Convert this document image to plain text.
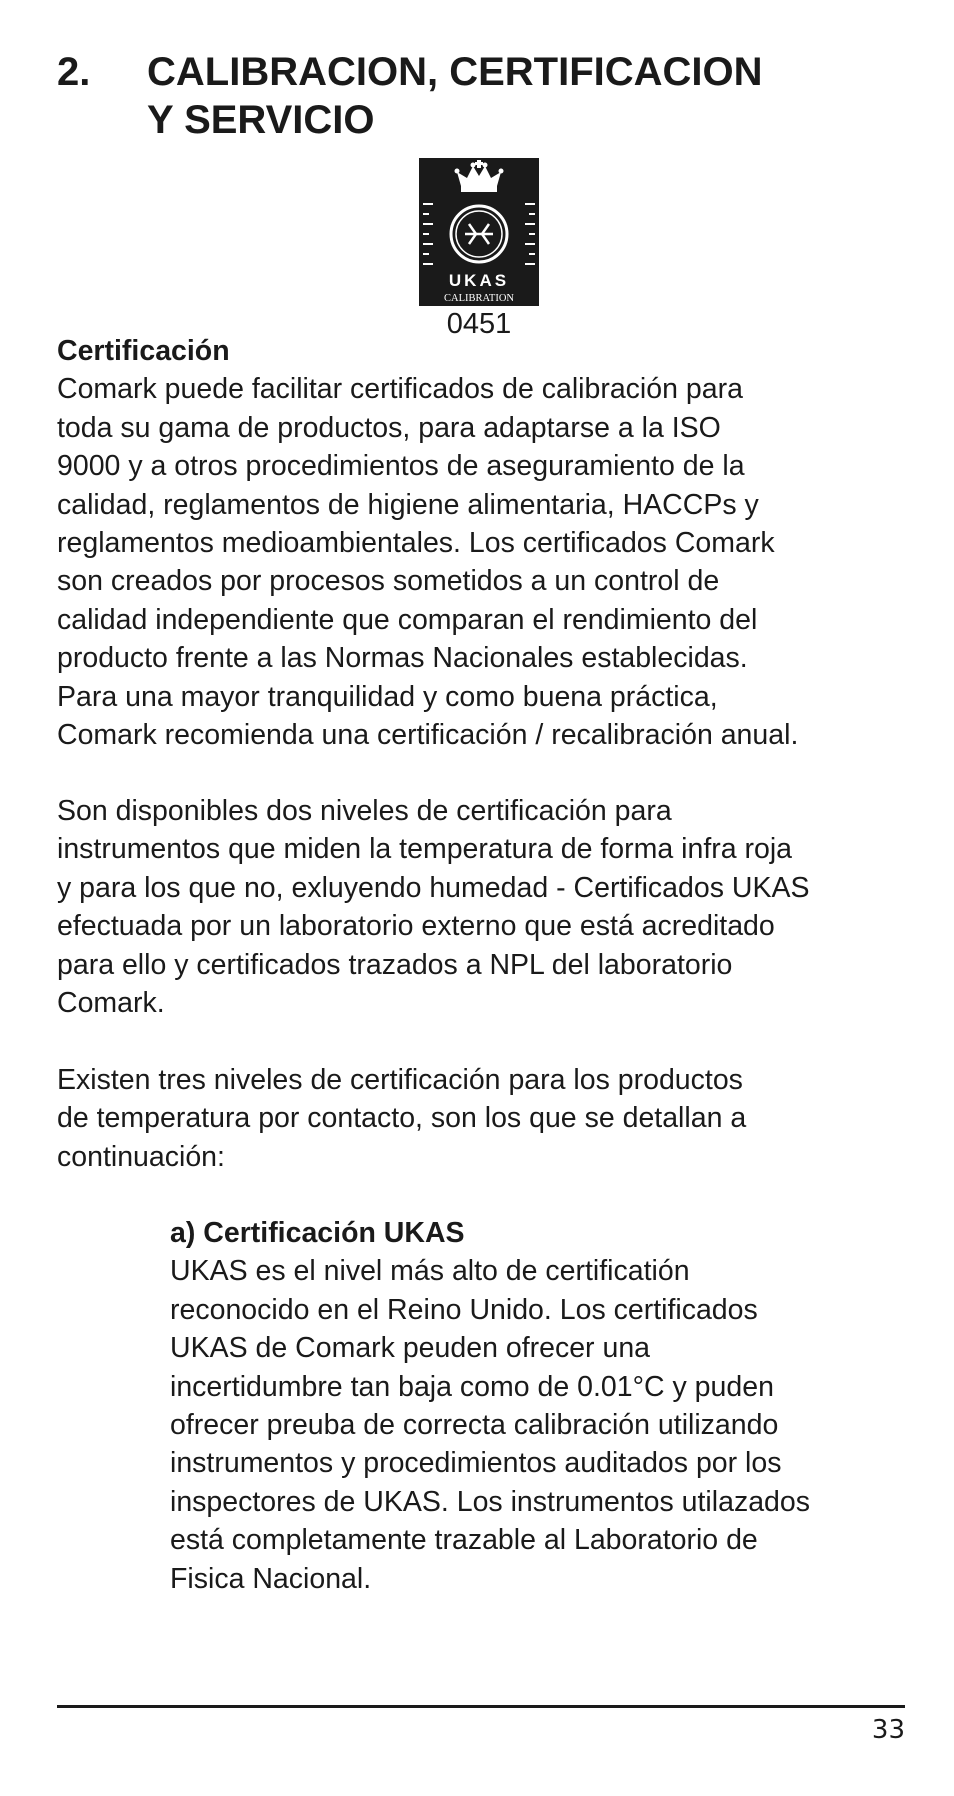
2. CALIBRACION, CERTIFICACION
Y SERVICIO
UKAS
CALIBRATION
0451
Certificación
Comark puede facilitar certificados de calibración para
toda su gama de productos, para adaptarse a la ISO
9000 y a otros procedimientos de aseguramiento de la
calidad, reglamentos de higiene alimentaria, HACCPs y
reglamentos medioambientales. Los certificados Comark
son creados por procesos sometidos a un control de
calidad independiente que comparan el rendimiento del
producto frente a las Normas Nacionales establecidas.
Para una mayor tranquilidad y como buena práctica,
Comark recomienda una certificación / recalibración anual.
Son disponibles dos niveles de certificación para
instrumentos que miden la temperatura de forma infra roja
y para los que no, exluyendo humedad - Certificados UKAS
efectuada por un laboratorio externo que está acreditado
para ello y certificados trazados a NPL del laboratorio
Comark.
Existen tres niveles de certificación para los productos
de temperatura por contacto, son los que se detallan a
continuación:
a) Certificación UKAS
UKAS es el nivel más alto de certificatión
reconocido en el Reino Unido. Los certificados
UKAS de Comark peuden ofrecer una
incertidumbre tan baja como de 0.01°C y puden
ofrecer preuba de correcta calibración utilizando
instrumentos y procedimientos auditados por los
inspectores de UKAS. Los instrumentos utilazados
está completamente trazable al Laboratorio de
Fisica Nacional.
33
